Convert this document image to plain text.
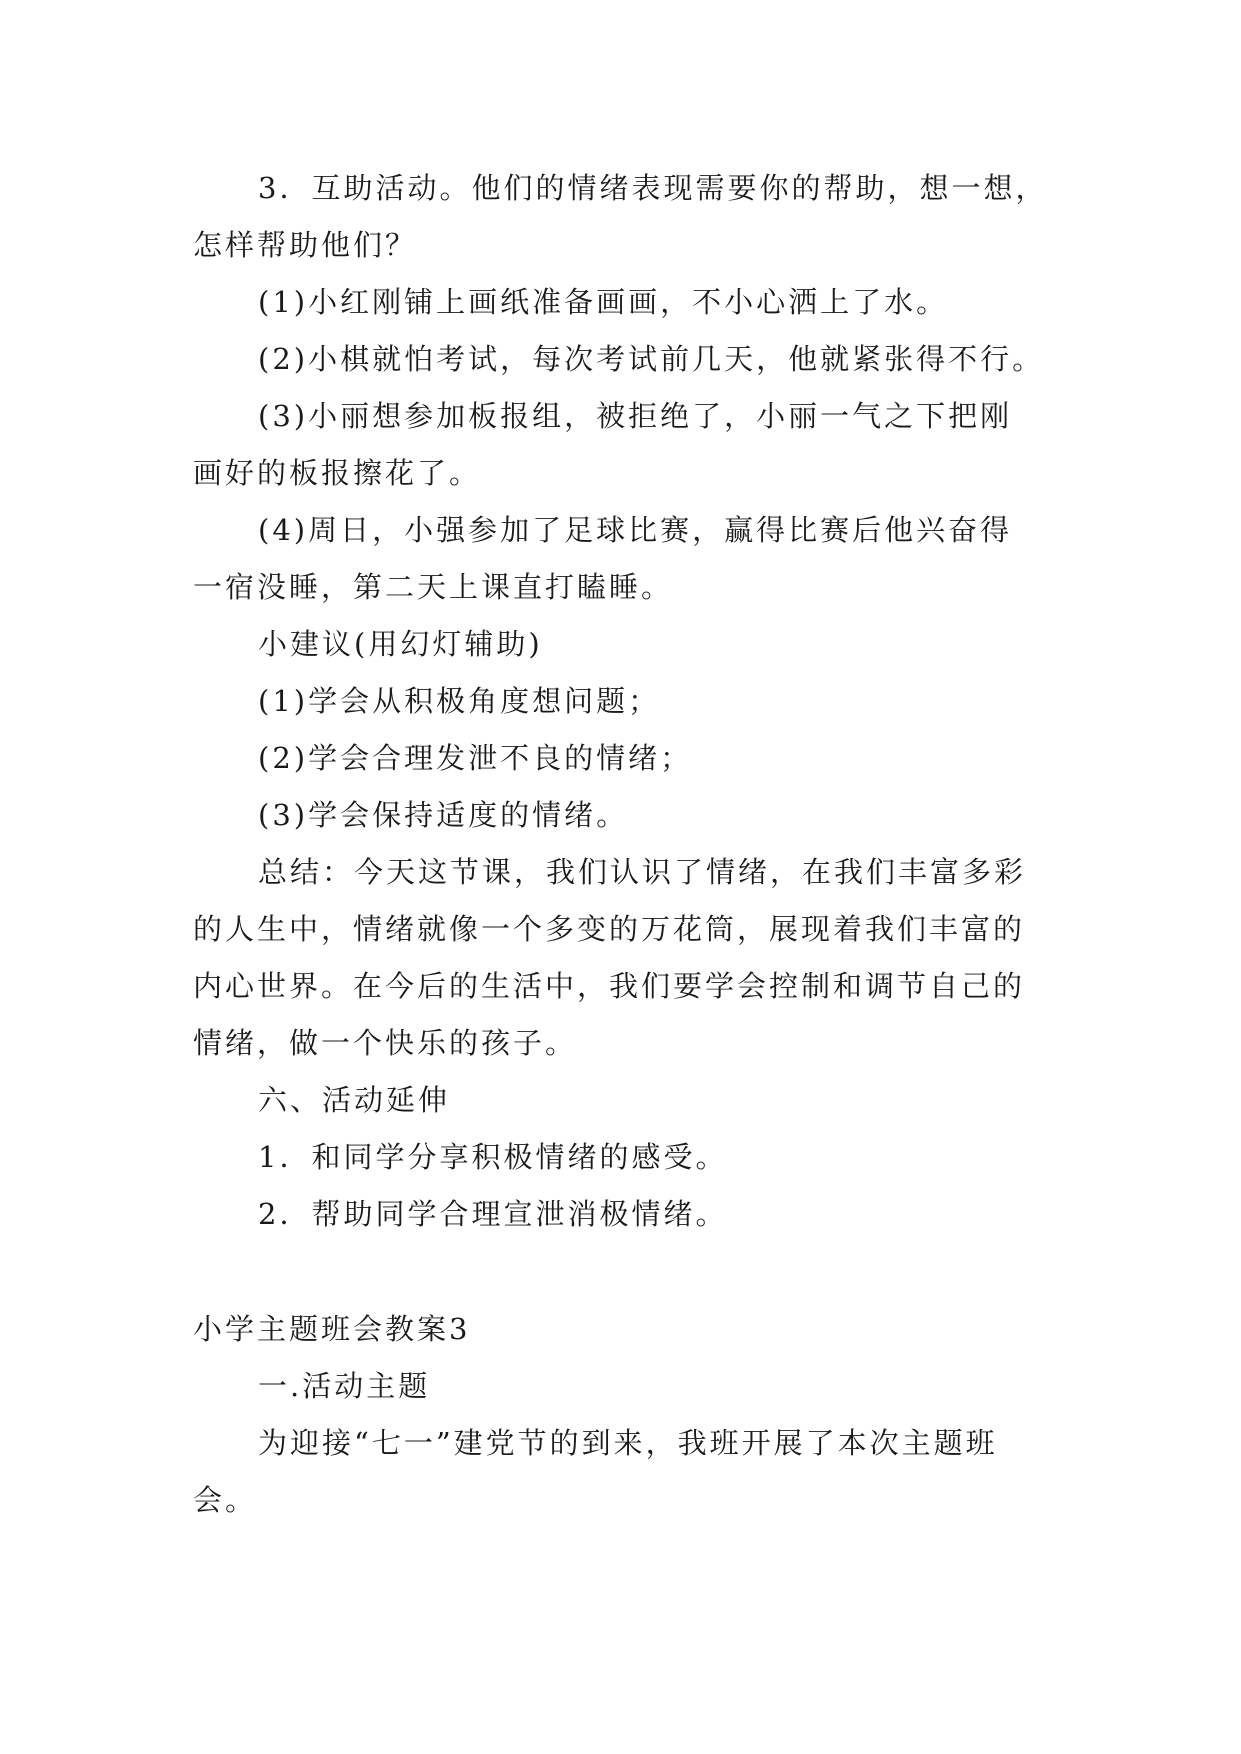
3．互助活动。他们的情绪表现需要你的帮助，想一想，
怎样帮助他们？
(1)小红刚铺上画纸准备画画，不小心洒上了水。
(2)小棋就怕考试，每次考试前几天，他就紧张得不行。
(3)小丽想参加板报组，被拒绝了，小丽一气之下把刚
画好的板报擦花了。
(4)周日，小强参加了足球比赛，赢得比赛后他兴奋得
一宿没睡，第二天上课直打瞌睡。
小建议(用幻灯辅助)
(1)学会从积极角度想问题；
(2)学会合理发泄不良的情绪；
(3)学会保持适度的情绪。
总结：今天这节课，我们认识了情绪，在我们丰富多彩
的人生中，情绪就像一个多变的万花筒，展现着我们丰富的
内心世界。在今后的生活中，我们要学会控制和调节自己的
情绪，做一个快乐的孩子。
六、活动延伸
1．和同学分享积极情绪的感受。
2．帮助同学合理宣泄消极情绪。
小学主题班会教案3
一.活动主题
为迎接“七一”建党节的到来，我班开展了本次主题班
会。
